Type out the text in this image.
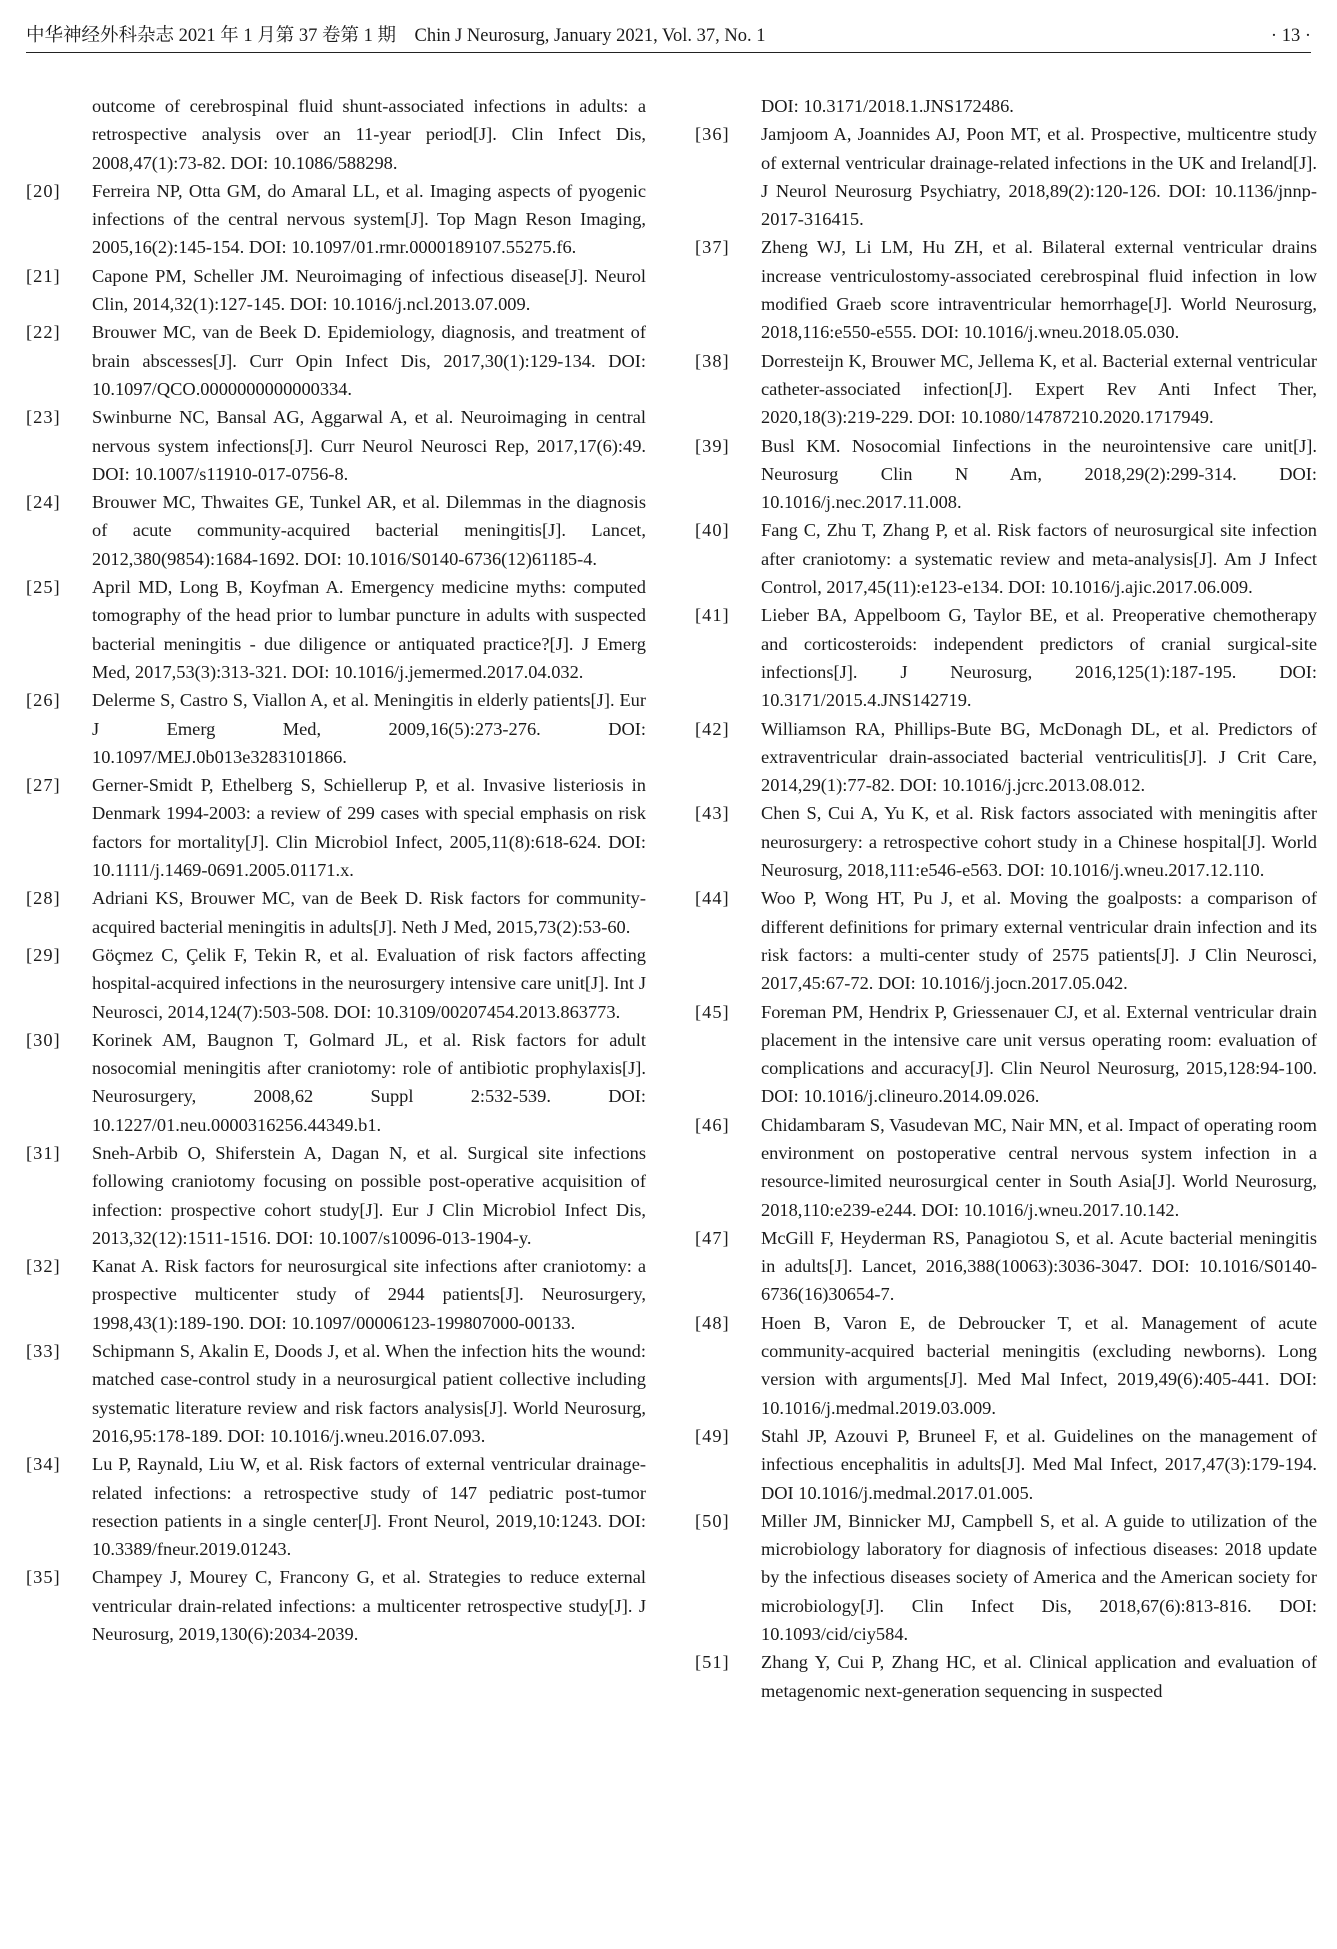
中华神经外科杂志 2021 年 1 月第 37 卷第 1 期　Chin J Neurosurg, January 2021, Vol. 37, No. 1	· 13 ·
outcome of cerebrospinal fluid shunt-associated infections in adults: a retrospective analysis over an 11-year period[J]. Clin Infect Dis, 2008,47(1):73-82. DOI: 10.1086/588298.
[20] Ferreira NP, Otta GM, do Amaral LL, et al. Imaging aspects of pyogenic infections of the central nervous system[J]. Top Magn Reson Imaging, 2005,16(2):145-154. DOI: 10.1097/01.rmr.0000189107.55275.f6.
[21] Capone PM, Scheller JM. Neuroimaging of infectious disease[J]. Neurol Clin, 2014,32(1):127-145. DOI: 10.1016/j.ncl.2013.07.009.
[22] Brouwer MC, van de Beek D. Epidemiology, diagnosis, and treatment of brain abscesses[J]. Curr Opin Infect Dis, 2017,30(1):129-134. DOI: 10.1097/QCO.0000000000000334.
[23] Swinburne NC, Bansal AG, Aggarwal A, et al. Neuroimaging in central nervous system infections[J]. Curr Neurol Neurosci Rep, 2017,17(6):49. DOI: 10.1007/s11910-017-0756-8.
[24] Brouwer MC, Thwaites GE, Tunkel AR, et al. Dilemmas in the diagnosis of acute community-acquired bacterial meningitis[J]. Lancet, 2012,380(9854):1684-1692. DOI: 10.1016/S0140-6736(12)61185-4.
[25] April MD, Long B, Koyfman A. Emergency medicine myths: computed tomography of the head prior to lumbar puncture in adults with suspected bacterial meningitis - due diligence or antiquated practice?[J]. J Emerg Med, 2017,53(3):313-321. DOI: 10.1016/j.jemermed.2017.04.032.
[26] Delerme S, Castro S, Viallon A, et al. Meningitis in elderly patients[J]. Eur J Emerg Med, 2009,16(5):273-276. DOI: 10.1097/MEJ.0b013e3283101866.
[27] Gerner-Smidt P, Ethelberg S, Schiellerup P, et al. Invasive listeriosis in Denmark 1994-2003: a review of 299 cases with special emphasis on risk factors for mortality[J]. Clin Microbiol Infect, 2005,11(8):618-624. DOI: 10.1111/j.1469-0691.2005.01171.x.
[28] Adriani KS, Brouwer MC, van de Beek D. Risk factors for community-acquired bacterial meningitis in adults[J]. Neth J Med, 2015,73(2):53-60.
[29] Göçmez C, Çelik F, Tekin R, et al. Evaluation of risk factors affecting hospital-acquired infections in the neurosurgery intensive care unit[J]. Int J Neurosci, 2014,124(7):503-508. DOI: 10.3109/00207454.2013.863773.
[30] Korinek AM, Baugnon T, Golmard JL, et al. Risk factors for adult nosocomial meningitis after craniotomy: role of antibiotic prophylaxis[J]. Neurosurgery, 2008,62 Suppl 2:532-539. DOI: 10.1227/01.neu.0000316256.44349.b1.
[31] Sneh-Arbib O, Shiferstein A, Dagan N, et al. Surgical site infections following craniotomy focusing on possible post-operative acquisition of infection: prospective cohort study[J]. Eur J Clin Microbiol Infect Dis, 2013,32(12):1511-1516. DOI: 10.1007/s10096-013-1904-y.
[32] Kanat A. Risk factors for neurosurgical site infections after craniotomy: a prospective multicenter study of 2944 patients[J]. Neurosurgery, 1998,43(1):189-190. DOI: 10.1097/00006123-199807000-00133.
[33] Schipmann S, Akalin E, Doods J, et al. When the infection hits the wound: matched case-control study in a neurosurgical patient collective including systematic literature review and risk factors analysis[J]. World Neurosurg, 2016,95:178-189. DOI: 10.1016/j.wneu.2016.07.093.
[34] Lu P, Raynald, Liu W, et al. Risk factors of external ventricular drainage-related infections: a retrospective study of 147 pediatric post-tumor resection patients in a single center[J]. Front Neurol, 2019,10:1243. DOI: 10.3389/fneur.2019.01243.
[35] Champey J, Mourey C, Francony G, et al. Strategies to reduce external ventricular drain-related infections: a multicenter retrospective study[J]. J Neurosurg, 2019,130(6):2034-2039.
DOI: 10.3171/2018.1.JNS172486.
[36] Jamjoom A, Joannides AJ, Poon MT, et al. Prospective, multicentre study of external ventricular drainage-related infections in the UK and Ireland[J]. J Neurol Neurosurg Psychiatry, 2018,89(2):120-126. DOI: 10.1136/jnnp-2017-316415.
[37] Zheng WJ, Li LM, Hu ZH, et al. Bilateral external ventricular drains increase ventriculostomy-associated cerebrospinal fluid infection in low modified Graeb score intraventricular hemorrhage[J]. World Neurosurg, 2018,116:e550-e555. DOI: 10.1016/j.wneu.2018.05.030.
[38] Dorresteijn K, Brouwer MC, Jellema K, et al. Bacterial external ventricular catheter-associated infection[J]. Expert Rev Anti Infect Ther, 2020,18(3):219-229. DOI: 10.1080/14787210.2020.1717949.
[39] Busl KM. Nosocomial Iinfections in the neurointensive care unit[J]. Neurosurg Clin N Am, 2018,29(2):299-314. DOI: 10.1016/j.nec.2017.11.008.
[40] Fang C, Zhu T, Zhang P, et al. Risk factors of neurosurgical site infection after craniotomy: a systematic review and meta-analysis[J]. Am J Infect Control, 2017,45(11):e123-e134. DOI: 10.1016/j.ajic.2017.06.009.
[41] Lieber BA, Appelboom G, Taylor BE, et al. Preoperative chemotherapy and corticosteroids: independent predictors of cranial surgical-site infections[J]. J Neurosurg, 2016,125(1):187-195. DOI: 10.3171/2015.4.JNS142719.
[42] Williamson RA, Phillips-Bute BG, McDonagh DL, et al. Predictors of extraventricular drain-associated bacterial ventriculitis[J]. J Crit Care, 2014,29(1):77-82. DOI: 10.1016/j.jcrc.2013.08.012.
[43] Chen S, Cui A, Yu K, et al. Risk factors associated with meningitis after neurosurgery: a retrospective cohort study in a Chinese hospital[J]. World Neurosurg, 2018,111:e546-e563. DOI: 10.1016/j.wneu.2017.12.110.
[44] Woo P, Wong HT, Pu J, et al. Moving the goalposts: a comparison of different definitions for primary external ventricular drain infection and its risk factors: a multi-center study of 2575 patients[J]. J Clin Neurosci, 2017,45:67-72. DOI: 10.1016/j.jocn.2017.05.042.
[45] Foreman PM, Hendrix P, Griessenauer CJ, et al. External ventricular drain placement in the intensive care unit versus operating room: evaluation of complications and accuracy[J]. Clin Neurol Neurosurg, 2015,128:94-100. DOI: 10.1016/j.clineuro.2014.09.026.
[46] Chidambaram S, Vasudevan MC, Nair MN, et al. Impact of operating room environment on postoperative central nervous system infection in a resource-limited neurosurgical center in South Asia[J]. World Neurosurg, 2018,110:e239-e244. DOI: 10.1016/j.wneu.2017.10.142.
[47] McGill F, Heyderman RS, Panagiotou S, et al. Acute bacterial meningitis in adults[J]. Lancet, 2016,388(10063):3036-3047. DOI: 10.1016/S0140-6736(16)30654-7.
[48] Hoen B, Varon E, de Debroucker T, et al. Management of acute community-acquired bacterial meningitis (excluding newborns). Long version with arguments[J]. Med Mal Infect, 2019,49(6):405-441. DOI: 10.1016/j.medmal.2019.03.009.
[49] Stahl JP, Azouvi P, Bruneel F, et al. Guidelines on the management of infectious encephalitis in adults[J]. Med Mal Infect, 2017,47(3):179-194. DOI 10.1016/j.medmal.2017.01.005.
[50] Miller JM, Binnicker MJ, Campbell S, et al. A guide to utilization of the microbiology laboratory for diagnosis of infectious diseases: 2018 update by the infectious diseases society of America and the American society for microbiology[J]. Clin Infect Dis, 2018,67(6):813-816. DOI: 10.1093/cid/ciy584.
[51] Zhang Y, Cui P, Zhang HC, et al. Clinical application and evaluation of metagenomic next-generation sequencing in suspected
